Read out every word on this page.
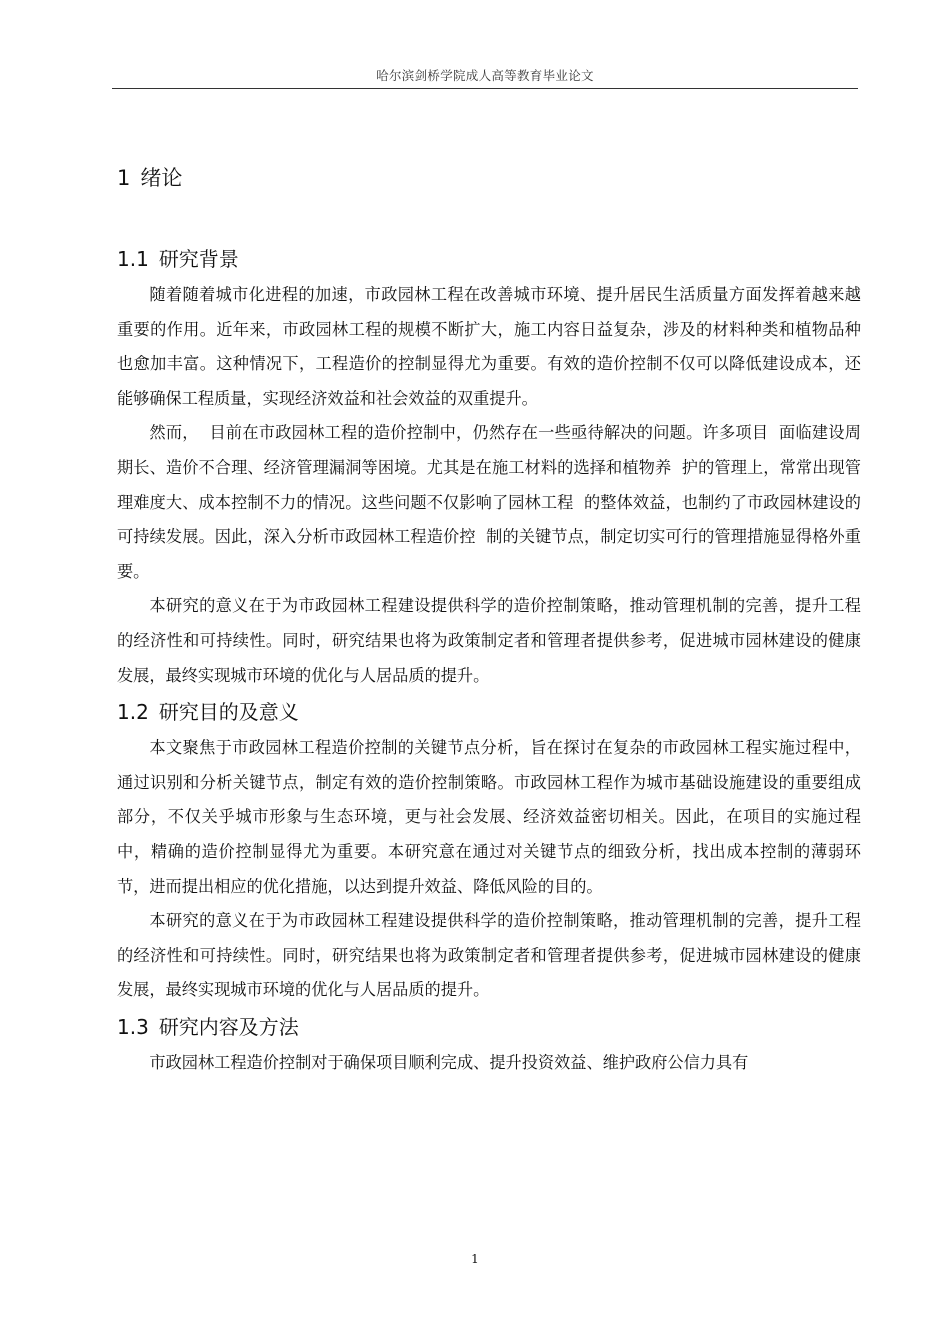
哈尔滨剑桥学院成人高等教育毕业论文
1 绪论
1.1 研究背景

随着随着城市化进程的加速，市政园林工程在改善城市环境、提升居民生活质量方面发挥着越来越重要的作用。近年来，市政园林工程的规模不断扩大，施工内容日益复杂，涉及的材料种类和植物品种也愈加丰富。这种情况下，工程造价的控制显得尤为重要。有效的造价控制不仅可以降低建设成本，还能够确保工程质量，实现经济效益和社会效益的双重提升。

然而，  目前在市政园林工程的造价控制中，仍然存在一些亟待解决的问题。许多项目  面临建设周期长、造价不合理、经济管理漏洞等困境。尤其是在施工材料的选择和植物养  护的管理上，常常出现管理难度大、成本控制不力的情况。这些问题不仅影响了园林工程  的整体效益，也制约了市政园林建设的可持续发展。因此，深入分析市政园林工程造价控  制的关键节点，制定切实可行的管理措施显得格外重要。

本研究的意义在于为市政园林工程建设提供科学的造价控制策略，推动管理机制的完善，提升工程的经济性和可持续性。同时，研究结果也将为政策制定者和管理者提供参考，促进城市园林建设的健康发展，最终实现城市环境的优化与人居品质的提升。

1.2 研究目的及意义

本文聚焦于市政园林工程造价控制的关键节点分析，旨在探讨在复杂的市政园林工程实施过程中，通过识别和分析关键节点，制定有效的造价控制策略。市政园林工程作为城市基础设施建设的重要组成部分，不仅关乎城市形象与生态环境，更与社会发展、经济效益密切相关。因此，在项目的实施过程中，精确的造价控制显得尤为重要。本研究意在通过对关键节点的细致分析，找出成本控制的薄弱环节，进而提出相应的优化措施，以达到提升效益、降低风险的目的。

本研究的意义在于为市政园林工程建设提供科学的造价控制策略，推动管理机制的完善，提升工程的经济性和可持续性。同时，研究结果也将为政策制定者和管理者提供参考，促进城市园林建设的健康发展，最终实现城市环境的优化与人居品质的提升。

1.3 研究内容及方法

市政园林工程造价控制对于确保项目顺利完成、提升投资效益、维护政府公信力具有

1
